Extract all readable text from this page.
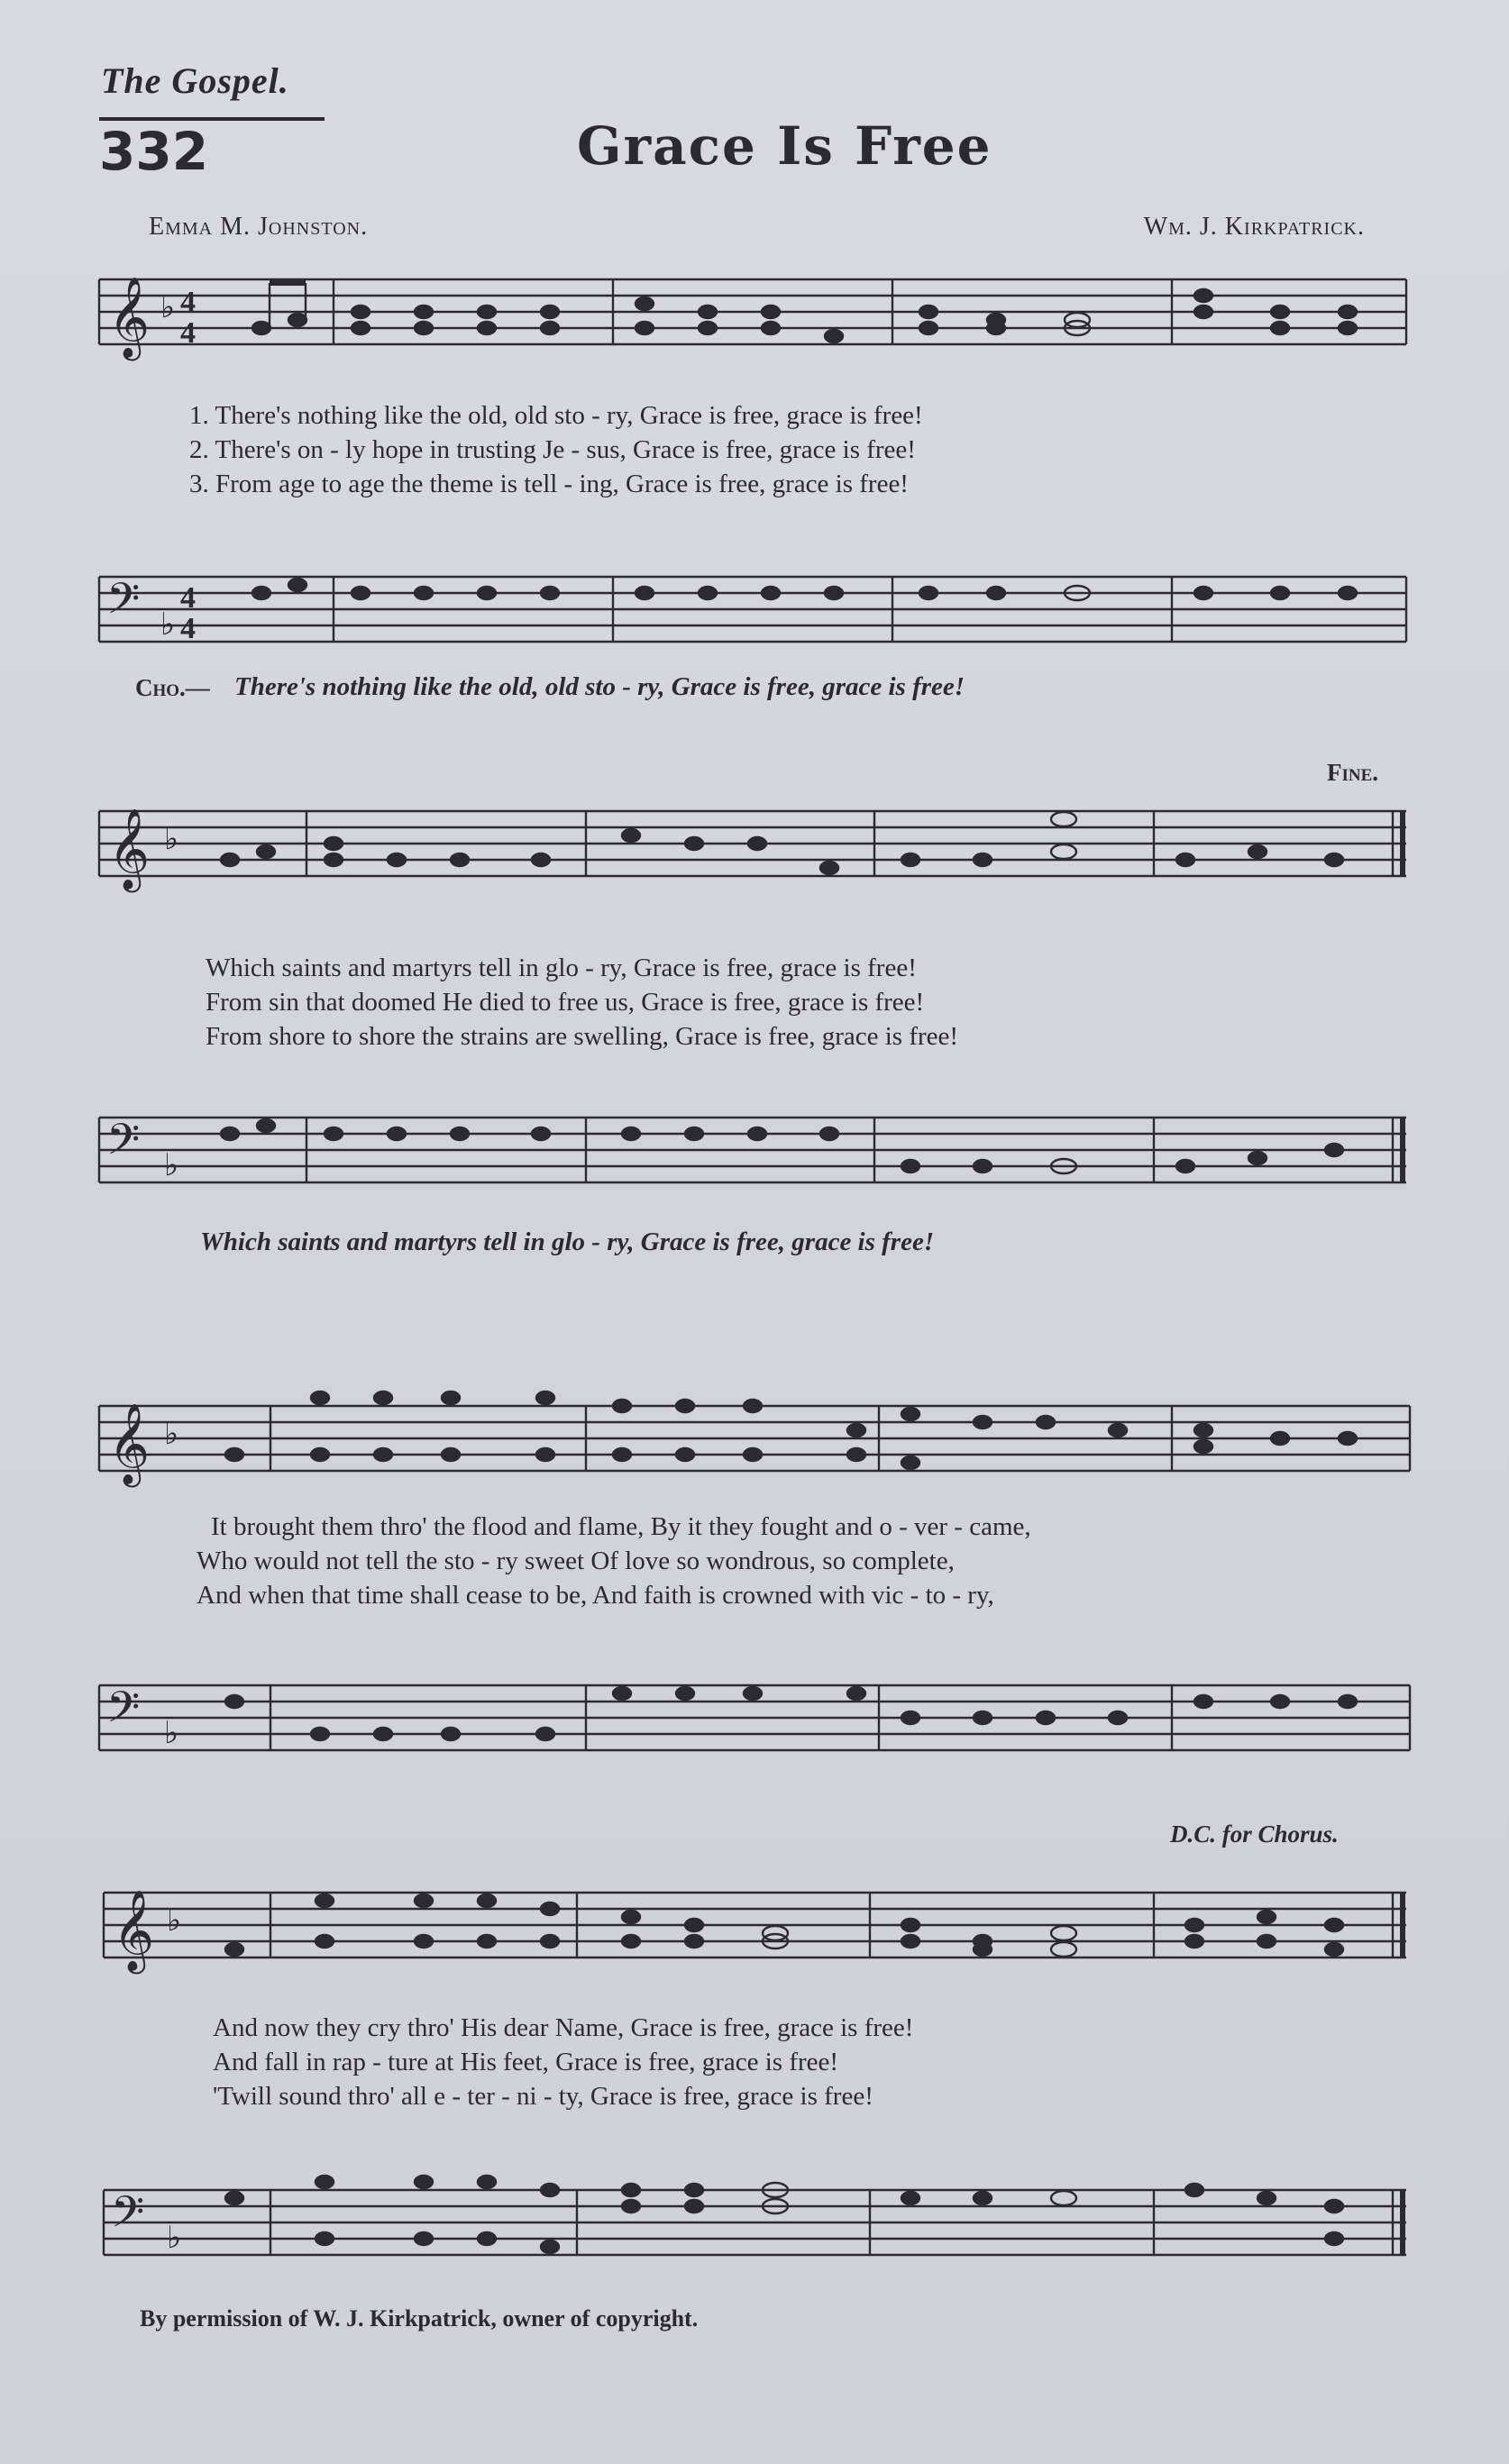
The Gospel.
332	Grace Is Free
Emma M. Johnston.	Wm. J. Kirkpatrick.
𝄞 ♭ 4
4
1. There's nothing like the old, old sto - ry, Grace is free, grace is free!
2. There's on - ly hope in trusting Je - sus, Grace is free, grace is free!
3. From age to age the theme is tell - ing, Grace is free, grace is free!
𝄢 ♭
4
4
Cho.— There's nothing like the old, old sto - ry, Grace is free, grace is free!
Fine.
𝄞 ♭
Which saints and martyrs tell in glo - ry, Grace is free, grace is free!
From sin that doomed He died to free us, Grace is free, grace is free!
From shore to shore the strains are swelling, Grace is free, grace is free!
𝄢 ♭
Which saints and martyrs tell in glo - ry, Grace is free, grace is free!
𝄞 ♭
It brought them thro' the flood and flame, By it they fought and o - ver - came,
Who would not tell the sto - ry sweet Of love so wondrous, so complete,
And when that time shall cease to be, And faith is crowned with vic - to - ry,
𝄢 ♭
D.C. for Chorus.
𝄞 ♭
And now they cry thro' His dear Name, Grace is free, grace is free!
And fall in rap - ture at His feet, Grace is free, grace is free!
'Twill sound thro' all e - ter - ni - ty, Grace is free, grace is free!
𝄢 ♭
By permission of W. J. Kirkpatrick, owner of copyright.
